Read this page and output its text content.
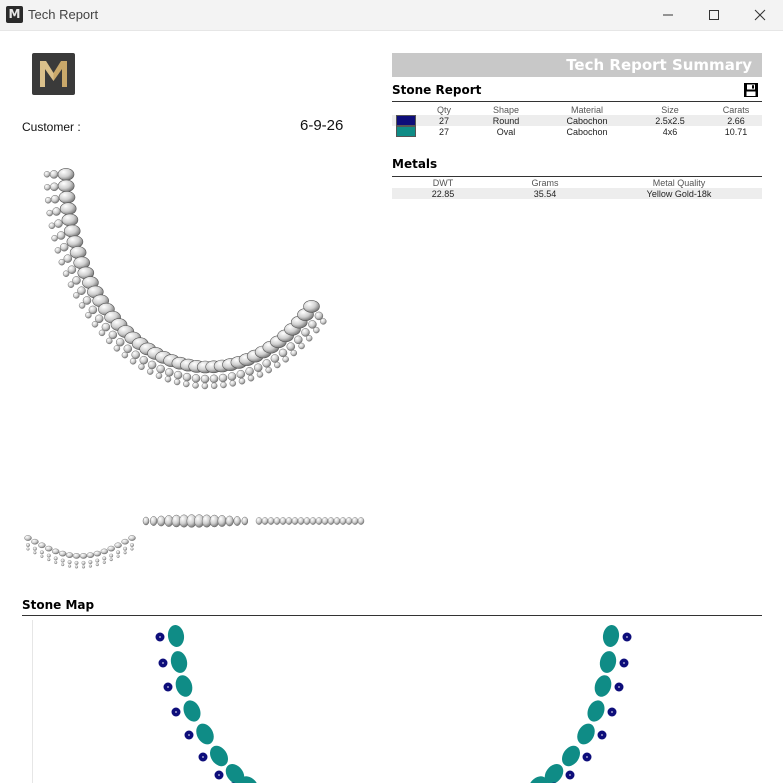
M Tech Report
Customer :	6-9-26
Tech Report Summary
Stone Report
	Qty	Shape	Material	Size	Carats
	27	Round	Cabochon	2.5x2.5	2.66
	27	Oval	Cabochon	4x6	10.71
Metals
DWT	Grams	Metal Quality
22.85	35.54	Yellow Gold-18k
Stone Map
